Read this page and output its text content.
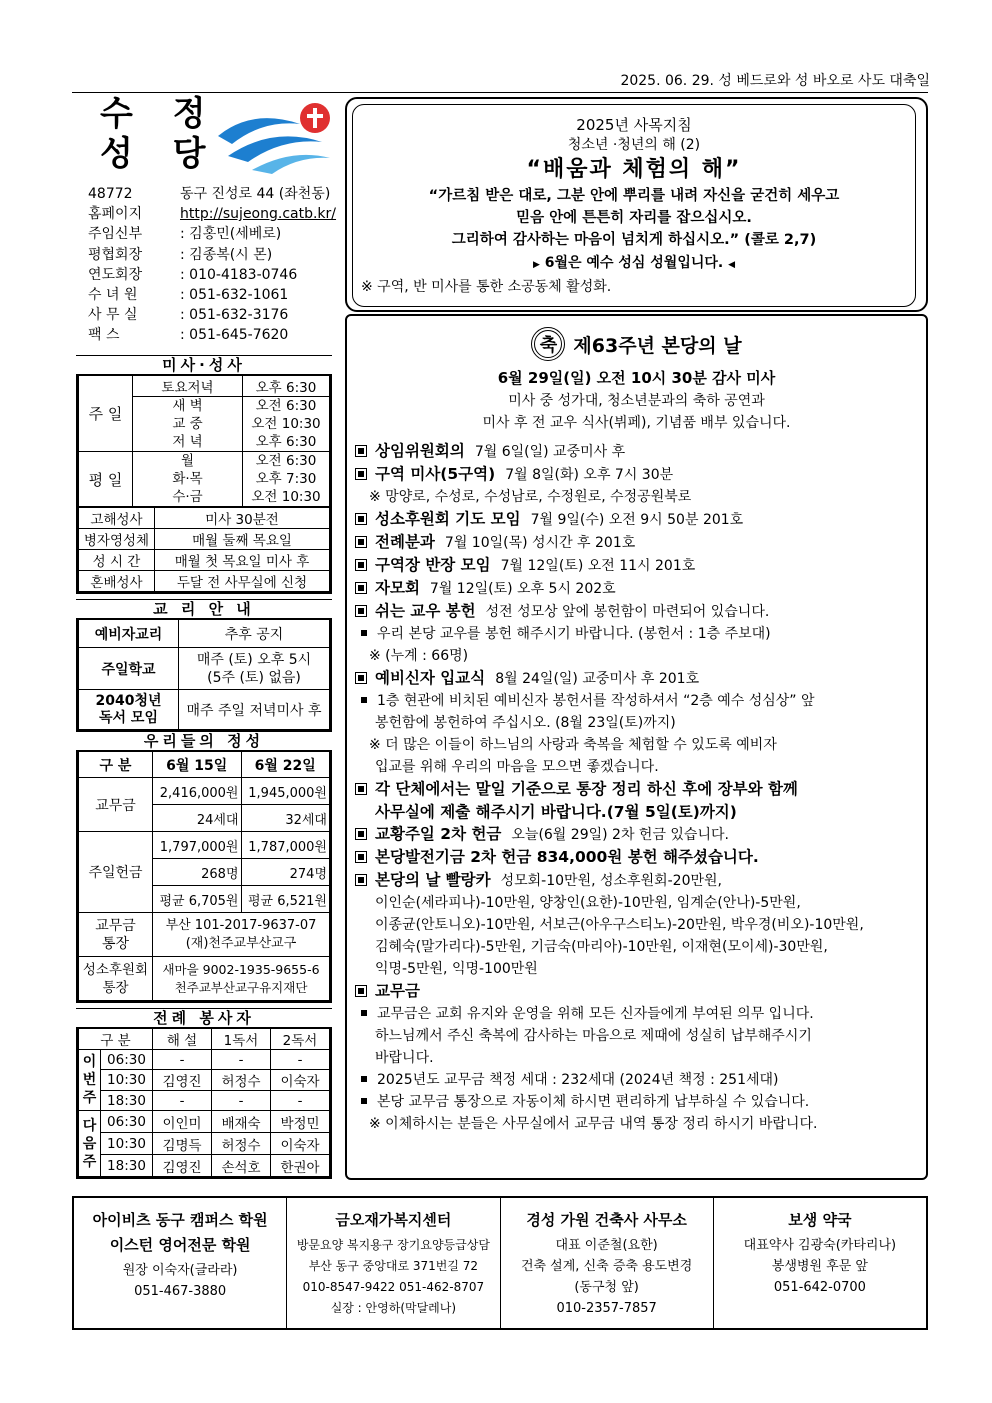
2025. 06. 29. 성 베드로와 성 바오로 사도 대축일
수 정
성 당
48772	동구 진성로 44 (좌천동)
홈페이지	http://sujeong.catb.kr/
주임신부	: 김홍민(세베로)
평협회장	: 김종복(시 몬)
연도회장	: 010-4183-0746
수 녀 원	: 051-632-1061
사 무 실	: 051-632-3176
팩 스	: 051-645-7620
미사·성사
주 일	토요저녁	오후 6:30
	새 벽	오전 6:30
	교 중	오전 10:30
	저 녁	오후 6:30
평 일	월	오전 6:30
	화·목	오후 7:30
	수·금	오전 10:30
고해성사	미사 30분전
병자영성체	매월 둘째 목요일
성 시 간	매월 첫 목요일 미사 후
혼배성사	두달 전 사무실에 신청
교 리 안 내
예비자교리	추후 공지
주일학교	매주 (토) 오후 5시
(5주 (토) 없음)
2040청년
독서 모임	매주 주일 저녁미사 후
우리들의 정성
구 분	6월 15일	6월 22일
교무금	2,416,000원	1,945,000원
	24세대	32세대
주일헌금	1,797,000원	1,787,000원
	268명	274명
	평균 6,705원	평균 6,521원
교무금
통장	부산 101-2017-9637-07
(재)천주교부산교구	
성소후원회
통장	새마을 9002-1935-9655-6
천주교부산교구유지재단	
전례 봉사자
구 분		해 설	1독서	2독서
이
번
주	06:30	-	-	-
	10:30	김영진	허정수	이숙자
	18:30	-	-	-
다
음
주	06:30	이인미	배재숙	박정민
	10:30	김명득	허정수	이숙자
	18:30	김영진	손석호	한권아
2025년 사목지침
청소년 ·청년의 해 (2)
“배움과 체험의 해”
“가르침 받은 대로, 그분 안에 뿌리를 내려 자신을 굳건히 세우고
믿음 안에 튼튼히 자리를 잡으십시오.
그리하여 감사하는 마음이 넘치게 하십시오.” (콜로 2,7)
▶ 6월은 예수 성심 성월입니다. ◀
※ 구역, 반 미사를 통한 소공동체 활성화.
축 제63주년 본당의 날
6월 29일(일) 오전 10시 30분 감사 미사
미사 중 성가대, 청소년분과의 축하 공연과
미사 후 전 교우 식사(뷔페), 기념품 배부 있습니다.
상임위원회의 7월 6일(일) 교중미사 후
구역 미사(5구역) 7월 8일(화) 오후 7시 30분
※ 망양로, 수성로, 수성남로, 수정원로, 수정공원북로
성소후원회 기도 모임 7월 9일(수) 오전 9시 50분 201호
전례분과 7월 10일(목) 성시간 후 201호
구역장 반장 모임 7월 12일(토) 오전 11시 201호
자모회 7월 12일(토) 오후 5시 202호
쉬는 교우 봉헌 성전 성모상 앞에 봉헌함이 마련되어 있습니다.
우리 본당 교우를 봉헌 해주시기 바랍니다. (봉헌서 : 1층 주보대)
※ (누계 : 66명)
예비신자 입교식 8월 24일(일) 교중미사 후 201호
1층 현관에 비치된 예비신자 봉헌서를 작성하셔서 “2층 예수 성심상” 앞
봉헌함에 봉헌하여 주십시오. (8월 23일(토)까지)
※ 더 많은 이들이 하느님의 사랑과 축복을 체험할 수 있도록 예비자
입교를 위해 우리의 마음을 모으면 좋겠습니다.
각 단체에서는 말일 기준으로 통장 정리 하신 후에 장부와 함께
사무실에 제출 해주시기 바랍니다.(7월 5일(토)까지)
교황주일 2차 헌금 오늘(6월 29일) 2차 헌금 있습니다.
본당발전기금 2차 헌금 834,000원 봉헌 해주셨습니다.
본당의 날 빨랑카 성모회-10만원, 성소후원회-20만원,
이인순(세라피나)-10만원, 양창인(요한)-10만원, 임계순(안나)-5만원,
이종균(안토니오)-10만원, 서보근(아우구스티노)-20만원, 박우경(비오)-10만원,
김혜숙(말가리다)-5만원, 기금숙(마리아)-10만원, 이재현(모이세)-30만원,
익명-5만원, 익명-100만원
교무금
교무금은 교회 유지와 운영을 위해 모든 신자들에게 부여된 의무 입니다.
하느님께서 주신 축복에 감사하는 마음으로 제때에 성실히 납부해주시기
바랍니다.
2025년도 교무금 책정 세대 : 232세대 (2024년 책정 : 251세대)
본당 교무금 통장으로 자동이체 하시면 편리하게 납부하실 수 있습니다.
※ 이체하시는 분들은 사무실에서 교무금 내역 통장 정리 하시기 바랍니다.
아이비츠 동구 캠퍼스 학원
이스턴 영어전문 학원
원장 이숙자(글라라)
051-467-3880
금오재가복지센터
방문요양 복지용구 장기요양등급상담
부산 동구 중앙대로 371번길 72
010-8547-9422 051-462-8707
실장 : 안영하(막달레나)
경성 가원 건축사 사무소
대표 이준철(요한)
건축 설계, 신축 증축 용도변경
(동구청 앞)
010-2357-7857
보생 약국
대표약사 김광숙(카타리나)
봉생병원 후문 앞
051-642-0700
